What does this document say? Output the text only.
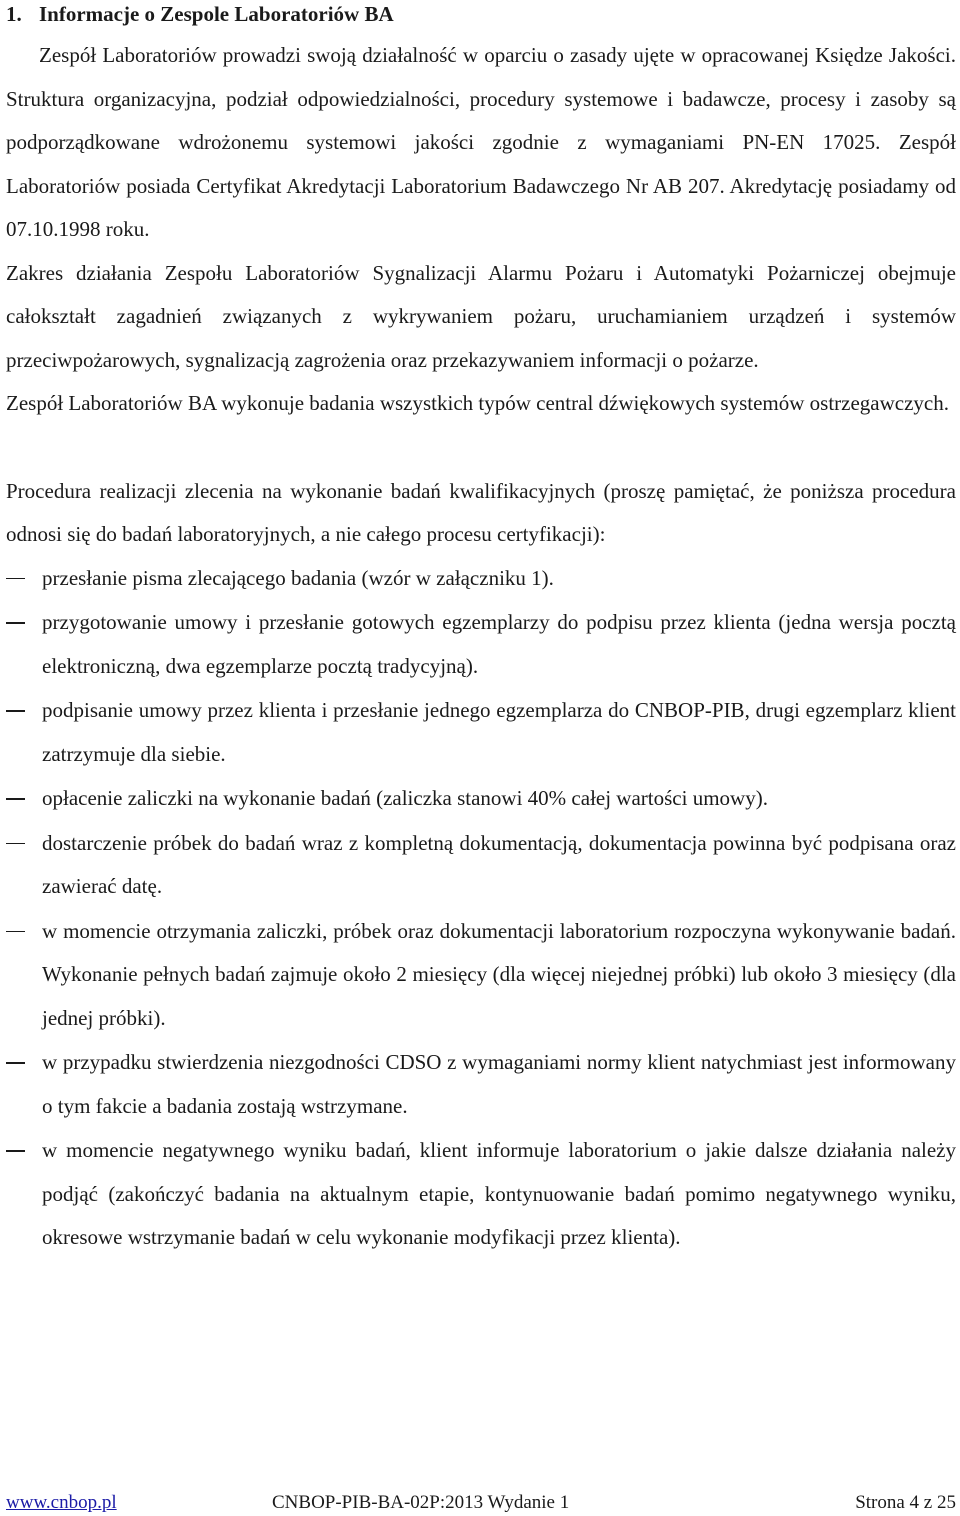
1. Informacje o Zespole Laboratoriów BA

Zespół Laboratoriów prowadzi swoją działalność w oparciu o zasady ujęte w opracowanej Księdze Jakości. Struktura organizacyjna, podział odpowiedzialności, procedury systemowe i badawcze, procesy i zasoby są podporządkowane wdrożonemu systemowi jakości zgodnie z wymaganiami PN-EN 17025. Zespół Laboratoriów posiada Certyfikat Akredytacji Laboratorium Badawczego Nr AB 207. Akredytację posiadamy od 07.10.1998 roku.

Zakres działania Zespołu Laboratoriów Sygnalizacji Alarmu Pożaru i Automatyki Pożarniczej obejmuje całokształt zagadnień związanych z wykrywaniem pożaru, uruchamianiem urządzeń i systemów przeciwpożarowych, sygnalizacją zagrożenia oraz przekazywaniem informacji o pożarze.

Zespół Laboratoriów BA wykonuje badania wszystkich typów central dźwiękowych systemów ostrzegawczych.

Procedura realizacji zlecenia na wykonanie badań kwalifikacyjnych (proszę pamiętać, że poniższa procedura odnosi się do badań laboratoryjnych, a nie całego procesu certyfikacji):

przesłanie pisma zlecającego badania (wzór w załączniku 1).
przygotowanie umowy i przesłanie gotowych egzemplarzy do podpisu przez klienta (jedna wersja pocztą elektroniczną, dwa egzemplarze pocztą tradycyjną).
podpisanie umowy przez klienta i przesłanie jednego egzemplarza do CNBOP-PIB, drugi egzemplarz klient zatrzymuje dla siebie.
opłacenie zaliczki na wykonanie badań (zaliczka stanowi 40% całej wartości umowy).
dostarczenie próbek do badań wraz z kompletną dokumentacją, dokumentacja powinna być podpisana oraz zawierać datę.
w momencie otrzymania zaliczki, próbek oraz dokumentacji laboratorium rozpoczyna wykonywanie badań. Wykonanie pełnych badań zajmuje około 2 miesięcy (dla więcej niejednej próbki) lub około 3 miesięcy (dla jednej próbki).
w przypadku stwierdzenia niezgodności CDSO z wymaganiami normy klient natychmiast jest informowany o tym fakcie a badania zostają wstrzymane.
w momencie negatywnego wyniku badań, klient informuje laboratorium o jakie dalsze działania należy podjąć (zakończyć badania na aktualnym etapie, kontynuowanie badań pomimo negatywnego wyniku, okresowe wstrzymanie badań w celu wykonanie modyfikacji przez klienta).
www.cnbop.pl	CNBOP-PIB-BA-02P:2013 Wydanie 1	Strona 4 z 25
